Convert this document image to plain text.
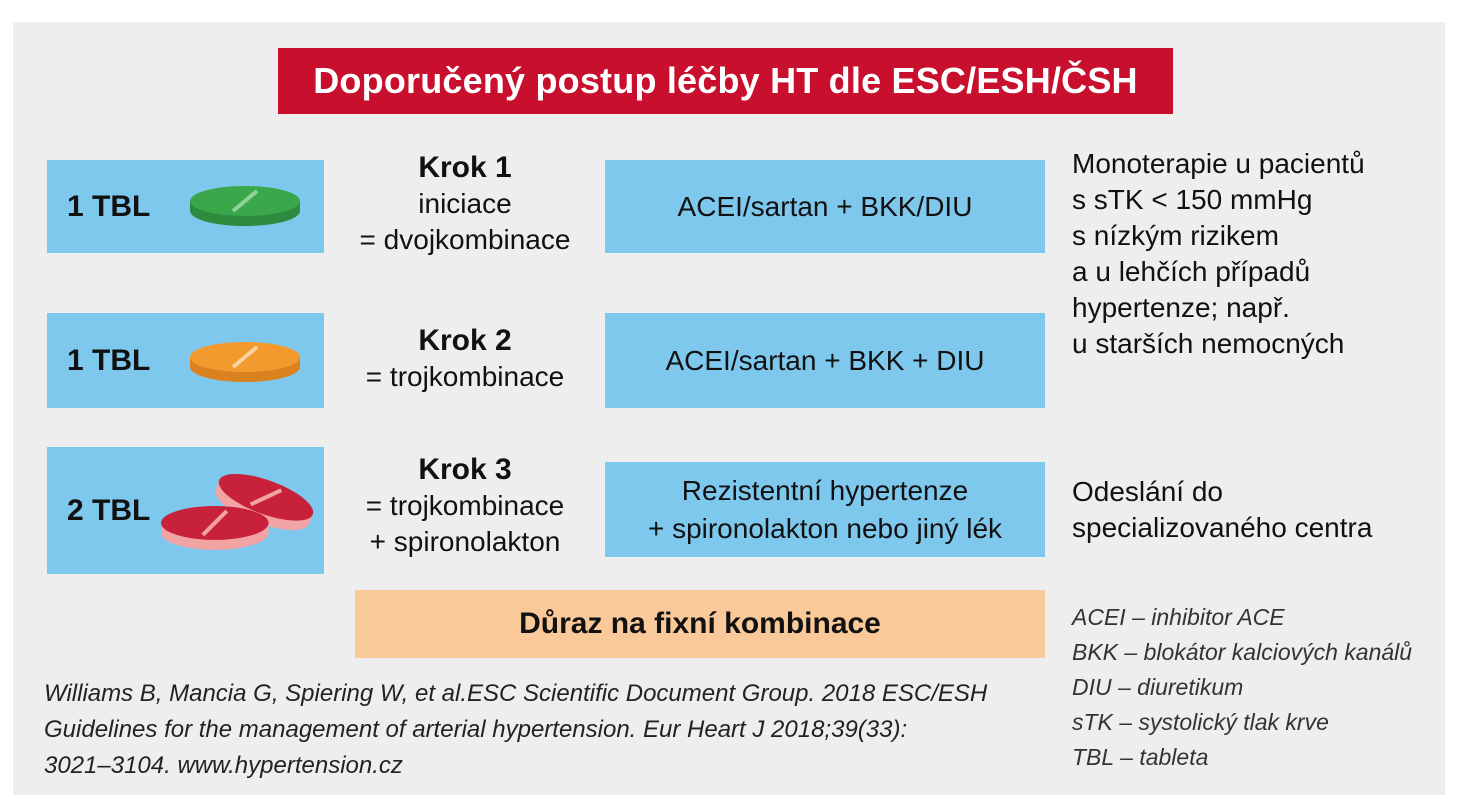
Doporučený postup léčby HT dle ESC/ESH/ČSH
1 TBL
Krok 1
iniciace
= dvojkombinace
ACEI/sartan + BKK/DIU
1 TBL
Krok 2
= trojkombinace
ACEI/sartan + BKK + DIU
2 TBL
Krok 3
= trojkombinace
+ spironolakton
Rezistentní hypertenze
+ spironolakton nebo jiný lék
Monoterapie u pacientů
s sTK < 150 mmHg
s nízkým rizikem
a u lehčích případů
hypertenze; např.
u starších nemocných
Odeslání do
specializovaného centra
Důraz na fixní kombinace
Williams B, Mancia G, Spiering W, et al.ESC Scientific Document Group. 2018 ESC/ESH
Guidelines for the management of arterial hypertension. Eur Heart J 2018;39(33):
3021–3104. www.hypertension.cz
ACEI – inhibitor ACE
BKK – blokátor kalciových kanálů
DIU – diuretikum
sTK – systolický tlak krve
TBL – tableta
